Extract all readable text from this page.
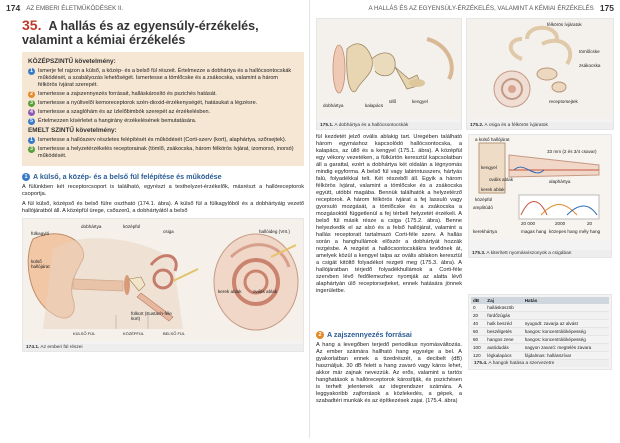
174 AZ EMBERI ÉLETMŰKÖDÉSEK II.	A HALLÁS ÉS AZ EGYENSÚLY-ÉRZÉKELÉS, VALAMINT A KÉMIAI ÉRZÉKELÉS 175
35. A hallás és az egyensúly-érzékelés, valamint a kémiai érzékelés
KÖZÉPSZINTŰ követelmény:
1 Ismerje fel rajzon a külső, a közép- és a belső fül részeit. Értelmezze a dobhártya és a hallócsontocskák működését, a szabályozás lehetőségét. Ismertesse a tömlőcske és a zsákocska, valamint a három félkörös ívjárat szerepét.
2 Ismertesse a zajszennyezés forrásait, halláskárosító és pszichés hatását.
3 Ismertesse a nyúltvelői kemoreceptorok szén-dioxid-érzékenységét, hatásukat a légzésre.
4 Ismertesse a szaglóhám és az ízlelőbimbók szerepét az érzékelésben.
5 Értelmezzen kísérletet a hangirány érzékelésének bemutatására.
EMELT SZINTŰ követelmény:
1 Ismertesse a hallószerv részletes felépítését és működését (Corti-szerv (kort), alaphártya, szőrsejtek).
3 Ismertesse a helyzetérzékelés receptorainak (tömlő, zsákocska, három félkörös ívjárat, izomorsó, inorsó) működését.
1 A külső, a közép- és a belső fül felépítése és működése

A fülünkben két receptorcsoport is található, egyrészt a testhelyzet-érzékelők, másrészt a hallóreceptorok csoportja.

A fül külső, középső és belső fülre osztható (174.1. ábra). A külső fül a fülkagylóból és a dobhártyáig vezető hallójáratból áll. A középfül ürege, csőszerű, a dobhártyától a belső

fülkagyló
külső hallójárat
dobhártya	középfül
csiga
fülkürt (Eustach-féle kürt)
hallóideg (VIII.)
kerek ablak	ovális ablak
KÜLSŐ FÜL	KÖZÉPFÜL	BELSŐ FÜL
174.1. Az emberi fül részei
kalapács
üllő	kengyel
dobhártya
175.1. A dobhártya és a hallócsontocskák
félkörös ívjáratok
tömlőcske
zsákocska
receptorsejtek
175.2. A csiga és a félkörös ívjáratok

fül kezdetét jelző ovális ablakig tart. Üregében található három egymáshoz kapcsolódó hallócsontocska, a kalapács, az üllő és a kengyel (175.1. ábra). A középfül egy vékony vezetéken, a fülkürtön keresztül kapcsolatban áll a garattal, ezért a dobhártya két oldalán a légnyomás mindig egyforma. A belső fül vagy labirintusszerv, hártyás falú, folyadékkal telt. Két részeből áll. Egyik a három félkörös ívjárat, valamint a tömlőcske és a zsákocska együtt, utóbbi magába. Bennük találhatók a helyzetérző receptorok. A három félkörös ívjárat a fej lassuló vagy gyorsuló mozgását, a tömlőcske és a zsákocska a mozgásoktól függetlenül a fej térbeli helyzetét érzékeli. A belső fül másik része a csiga (175.2. ábra). Benne helyezkedik el az alsó és a felső hallójárat, valamint a hallás receptorait tartalmazó Corti-féle szerv. A hallás során a hanghullámok először a dobhártyát hozzák rezgésbe. A rezgést a hallócsontocskákra tevődnek át, amelyek közül a kengyel talpa az ovális ablakon keresztül a csigát kitöltő folyadékot rezgeti meg (175.3. ábra). A hallójáratban térjedő folyadékhullámok a Corti-féle szervben lévő fedőlemezhez nyomják az alatta lévő alaphártyán ülő receptorsejteket, ennek hatására jönnek ingerületbe.

2 A zajszennyezés forrásai

A hang a levegőben terjedő periodikus nyomásváltozás. Az ember számára hallható hang egysége a bel. A gyakorlatban ennek a tizedrészét, a decibelt (dB) használjuk. 30 dB felett a hang zavaró vagy káros lehet, akkor már zajnak nevezzük. Az erős, valamint a tartós hanghatások a hallóreceptorok károsítják, és pszichésen is terhelt jelentenek az idegrendszer számára. A leggyakoribb zajforrások a közlekedés, a gépek, a szabadtéri munkák és az építkezések zajai. (175.4. ábra)

a külső hallójárat
kengyel
ovális ablak
kerek ablak
33 mm (2 és 3/4 csavar)
alaphártya
20 000	2000	20
kerekhártya
amplitúdó
magas hang közepes hang mély hang
középfül
175.3. A kiterített nyomásviszonyok a csigában
dB	Zaj	Hatás
0	hallásküszöb	
20	fürdőzúgás	
40	halk beszéd	nyugodt: zavarja az alvást
60	beszélgetés	hangos: koncentrálóképesség
80	hangos zene	hangos: koncentrálóképesség
100	autódudás	nagyon zavaró: megtelés zavara
120	légkalapács	fájdalmas: hallásszívar
175.4. A hangok hatása a szervezetre
